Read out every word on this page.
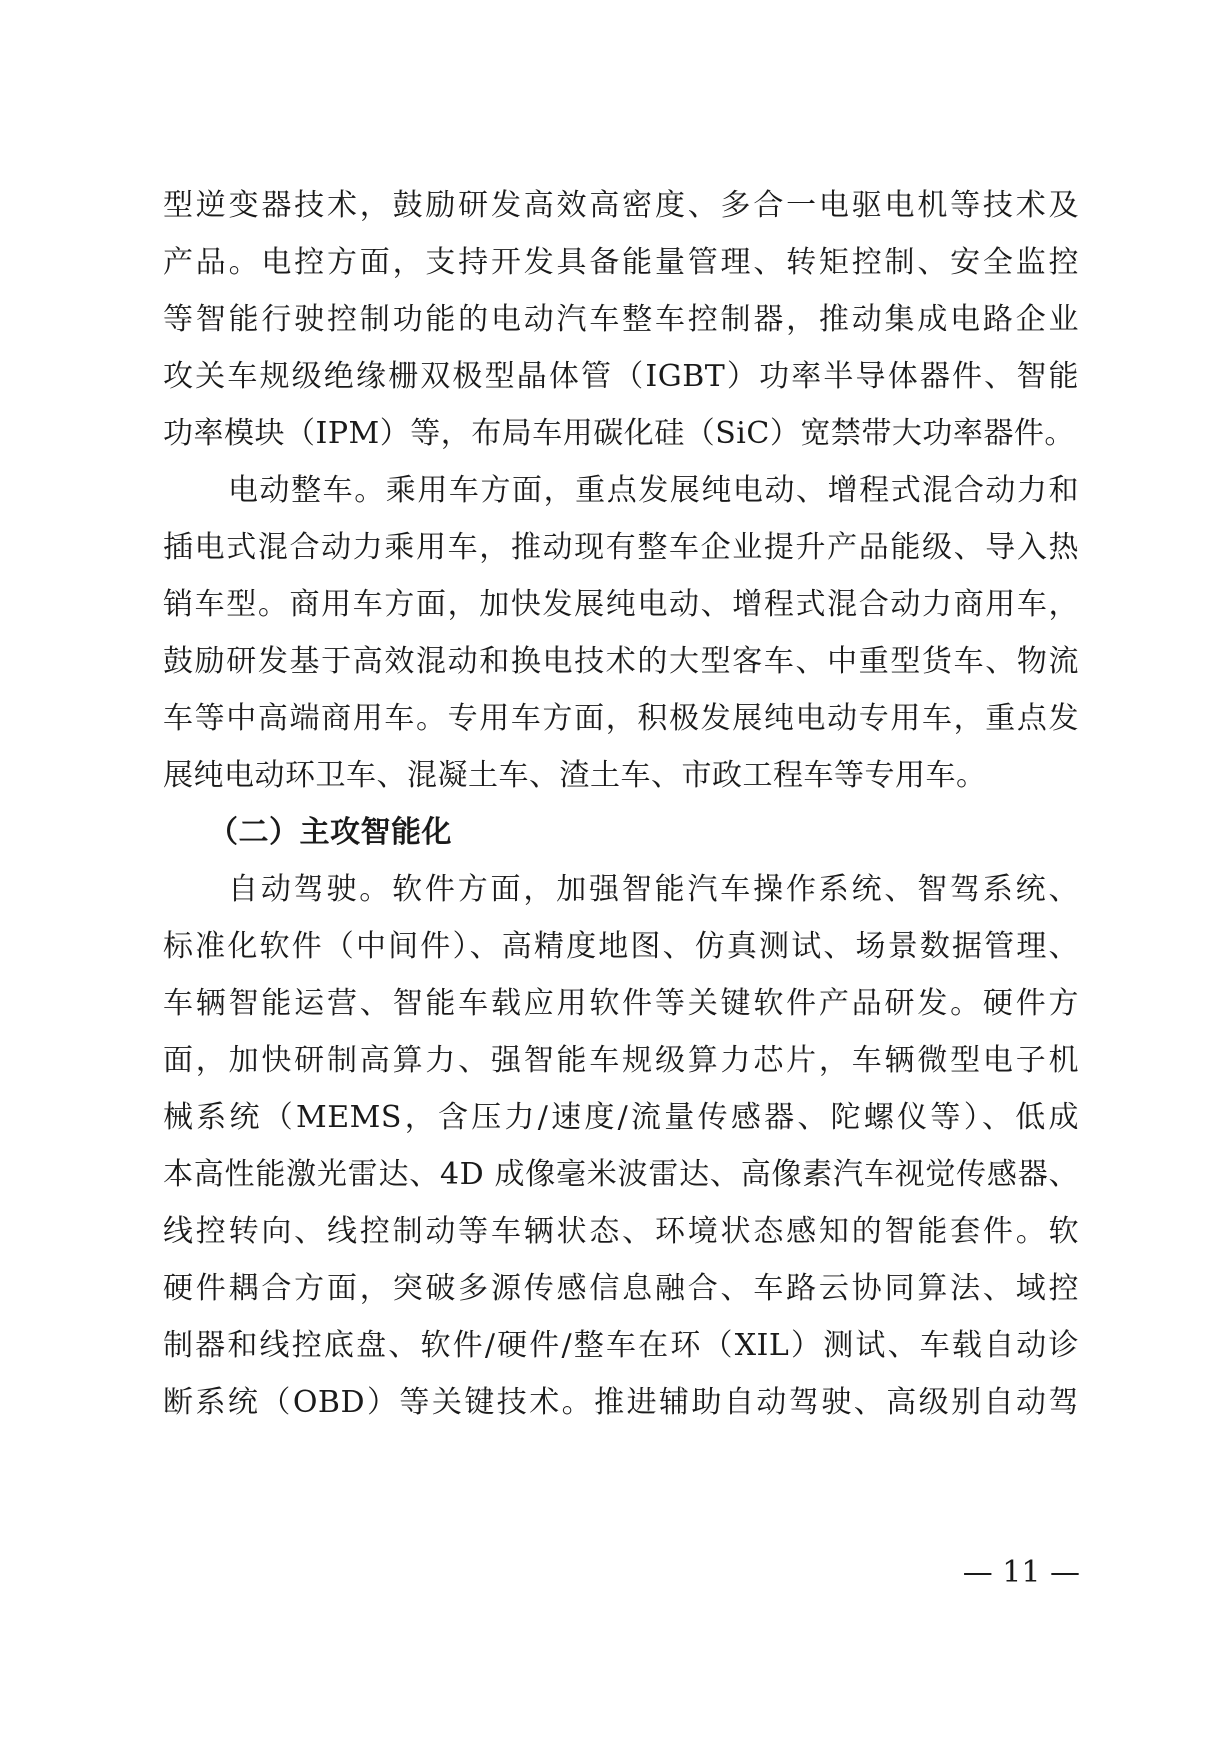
型逆变器技术，鼓励研发高效高密度、多合一电驱电机等技术及
产品。电控方面，支持开发具备能量管理、转矩控制、安全监控
等智能行驶控制功能的电动汽车整车控制器，推动集成电路企业
攻关车规级绝缘栅双极型晶体管（IGBT）功率半导体器件、智能
功率模块（IPM）等，布局车用碳化硅（SiC）宽禁带大功率器件。
电动整车。乘用车方面，重点发展纯电动、增程式混合动力和
插电式混合动力乘用车，推动现有整车企业提升产品能级、导入热
销车型。商用车方面，加快发展纯电动、增程式混合动力商用车，
鼓励研发基于高效混动和换电技术的大型客车、中重型货车、物流
车等中高端商用车。专用车方面，积极发展纯电动专用车，重点发
展纯电动环卫车、混凝土车、渣土车、市政工程车等专用车。
（二）主攻智能化
自动驾驶。软件方面，加强智能汽车操作系统、智驾系统、
标准化软件（中间件）、高精度地图、仿真测试、场景数据管理、
车辆智能运营、智能车载应用软件等关键软件产品研发。硬件方
面，加快研制高算力、强智能车规级算力芯片，车辆微型电子机
械系统（MEMS，含压力/速度/流量传感器、陀螺仪等）、低成
本高性能激光雷达、4D 成像毫米波雷达、高像素汽车视觉传感器、
线控转向、线控制动等车辆状态、环境状态感知的智能套件。软
硬件耦合方面，突破多源传感信息融合、车路云协同算法、域控
制器和线控底盘、软件/硬件/整车在环（XIL）测试、车载自动诊
断系统（OBD）等关键技术。推进辅助自动驾驶、高级别自动驾
— 11 —
